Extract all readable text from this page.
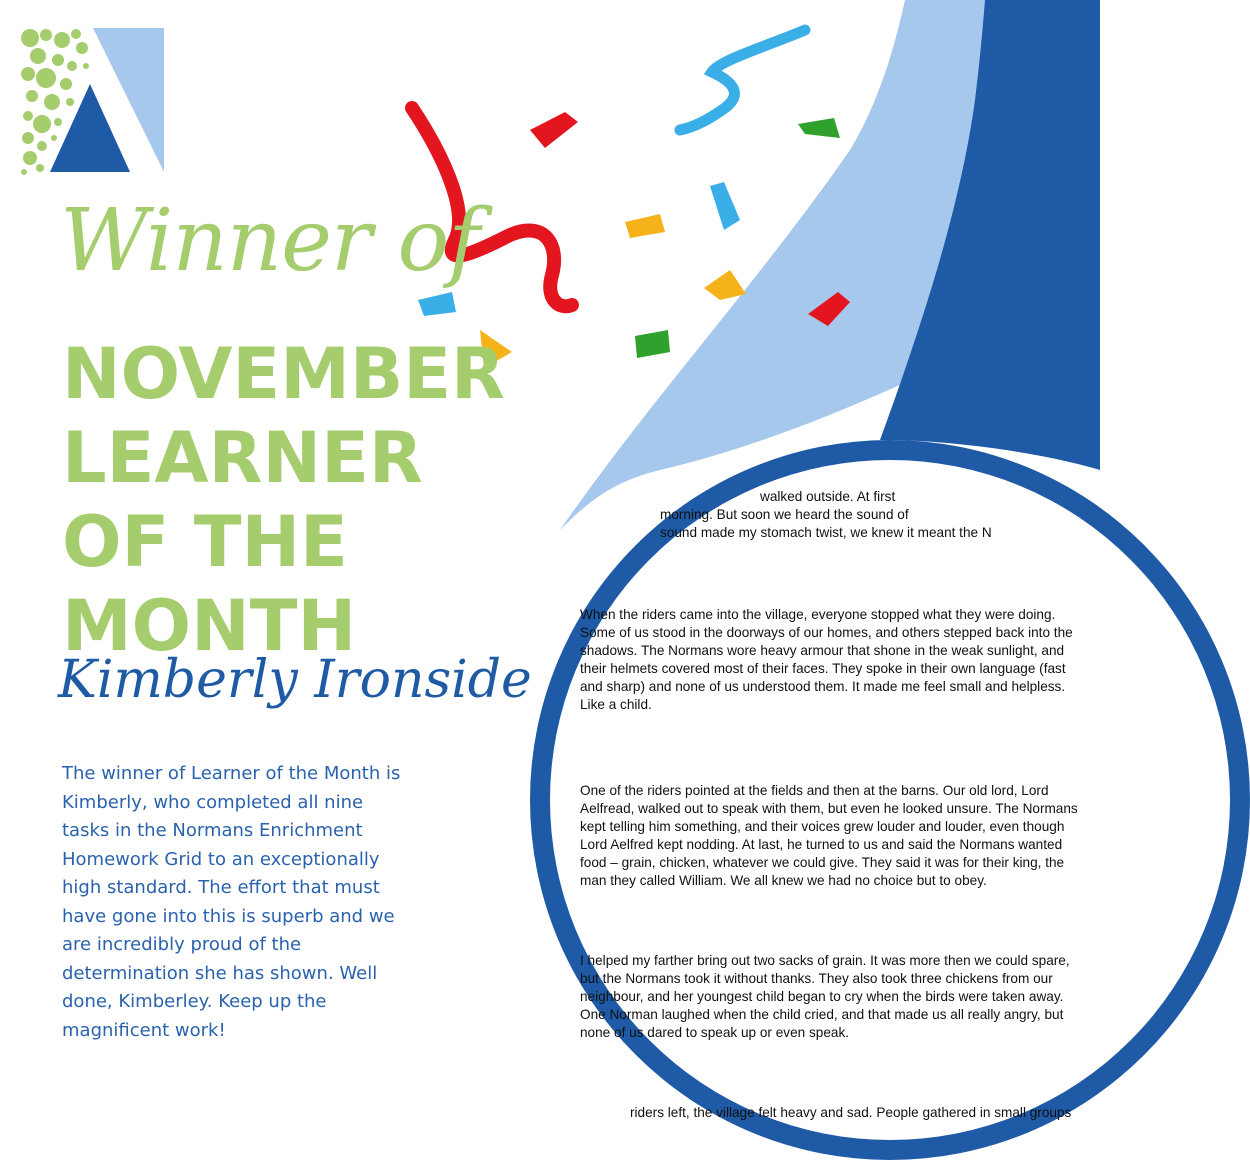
Winner of
NOVEMBER
LEARNER
OF THE
MONTH
Kimberly Ironside

The winner of Learner of the Month is Kimberly, who completed all nine tasks in the Normans Enrichment Homework Grid to an exceptionally high standard. The effort that must have gone into this is superb and we are incredibly proud of the determination she has shown. Well done, Kimberley. Keep up the magnificent work!

walked outside. At first

morning. But soon we heard the sound of

sound made my stomach twist, we knew it meant the N

When the riders came into the village, everyone stopped what they were doing.

Some of us stood in the doorways of our homes, and others stepped back into the

shadows. The Normans wore heavy armour that shone in the weak sunlight, and

their helmets covered most of their faces. They spoke in their own language (fast

and sharp) and none of us understood them. It made me feel small and helpless.

Like a child.

One of the riders pointed at the fields and then at the barns. Our old lord, Lord

Aelfread, walked out to speak with them, but even he looked unsure. The Normans

kept telling him something, and their voices grew louder and louder, even though

Lord Aelfred kept nodding. At last, he turned to us and said the Normans wanted

food – grain, chicken, whatever we could give. They said it was for their king, the

man they called William. We all knew we had no choice but to obey.

I helped my farther bring out two sacks of grain. It was more then we could spare,

but the Normans took it without thanks. They also took three chickens from our

neighbour, and her youngest child began to cry when the birds were taken away.

One Norman laughed when the child cried, and that made us all really angry, but

none of us dared to speak up or even speak.

riders left, the village felt heavy and sad. People gathered in small groups
